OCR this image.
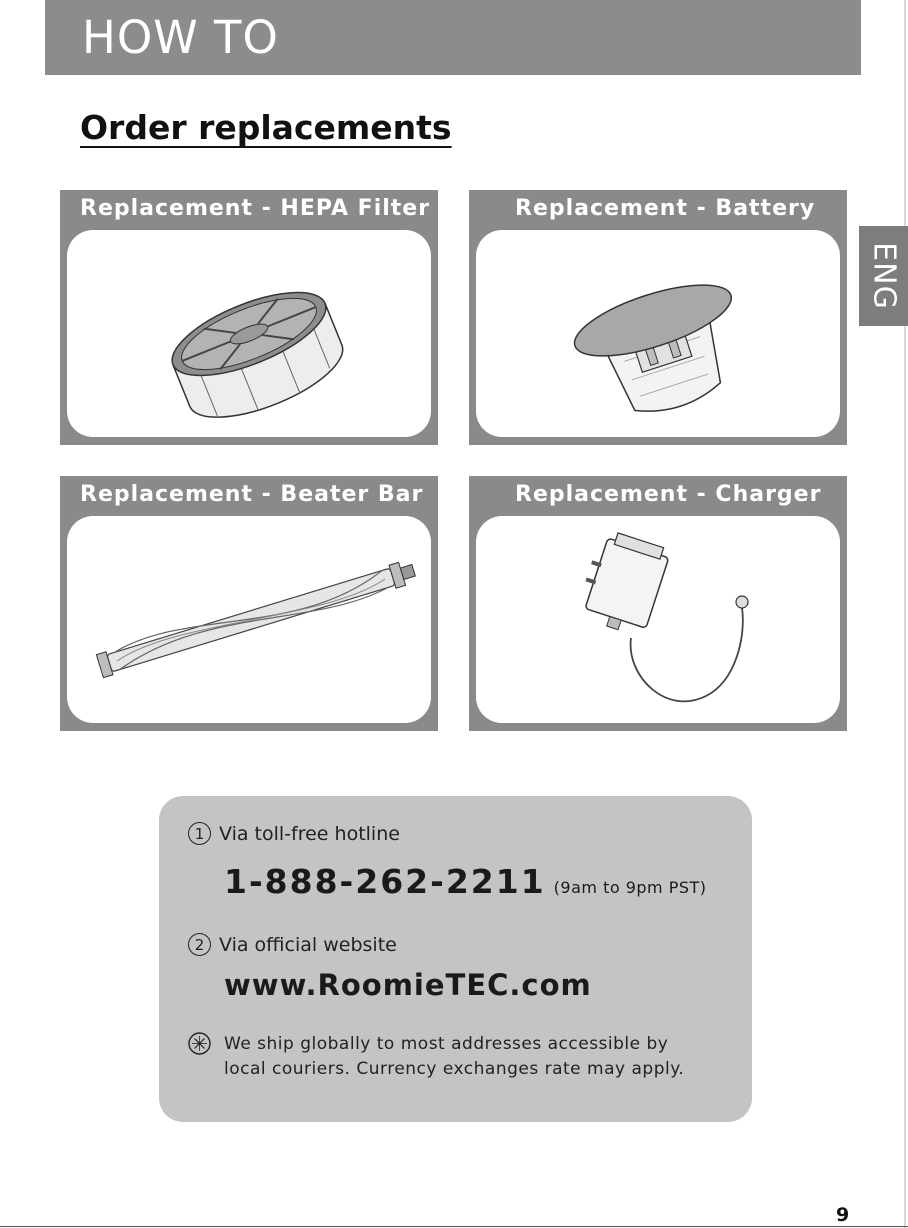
HOW TO
Order replacements
ENG
Replacement - HEPA Filter	Replacement - Battery
Replacement - Beater Bar	Replacement - Charger
1 Via toll-free hotline
1-888-262-2211 (9am to 9pm PST)
2 Via official website
www.RoomieTEC.com
We ship globally to most addresses accessible by
local couriers. Currency exchanges rate may apply.
9
